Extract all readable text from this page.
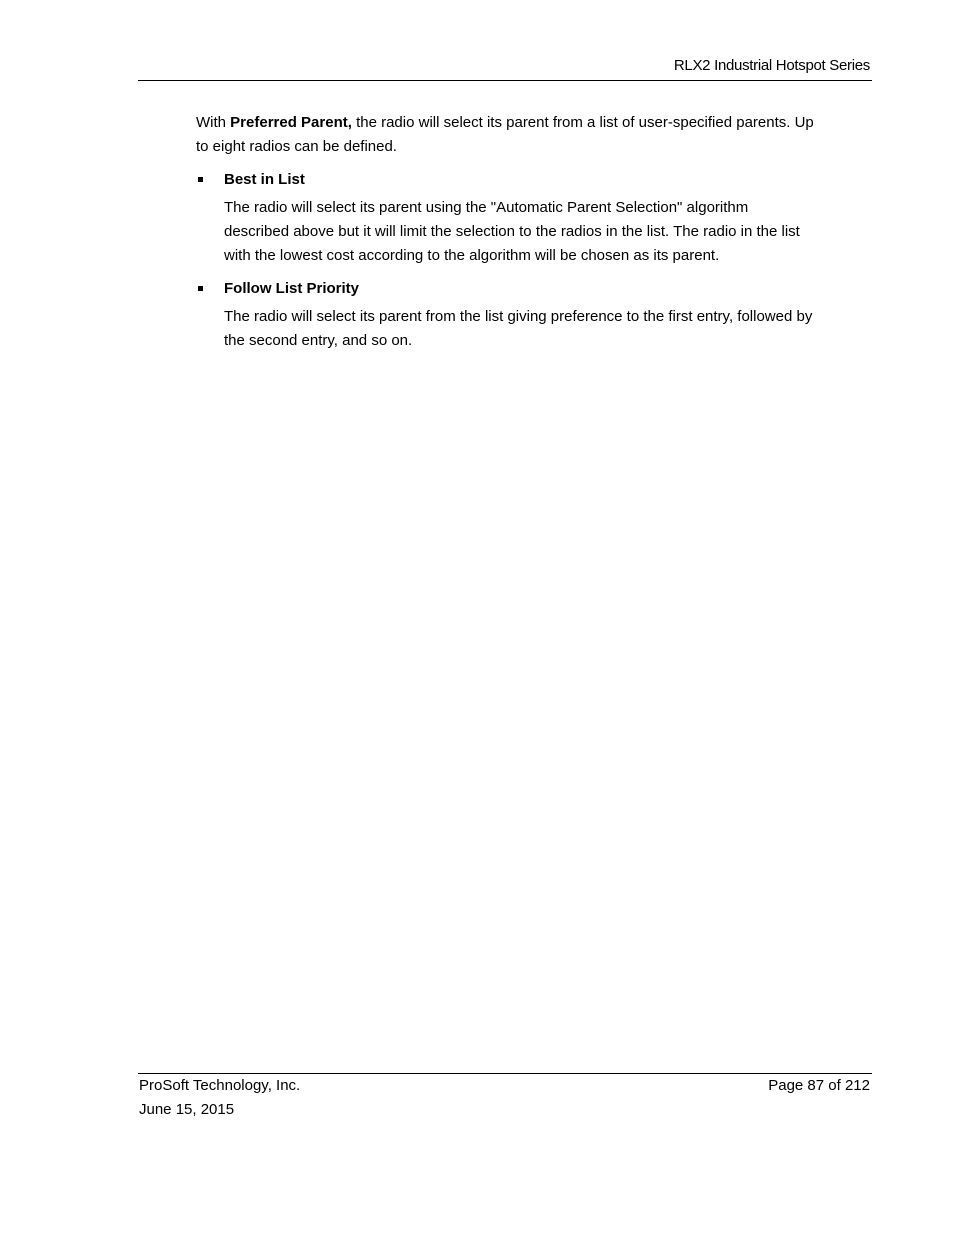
RLX2 Industrial Hotspot Series

With Preferred Parent, the radio will select its parent from a list of user-specified parents. Up to eight radios can be defined.

Best in List

The radio will select its parent using the "Automatic Parent Selection" algorithm described above but it will limit the selection to the radios in the list. The radio in the list with the lowest cost according to the algorithm will be chosen as its parent.

Follow List Priority

The radio will select its parent from the list giving preference to the first entry, followed by the second entry, and so on.

ProSoft Technology, Inc.
June 15, 2015
Page 87 of 212
